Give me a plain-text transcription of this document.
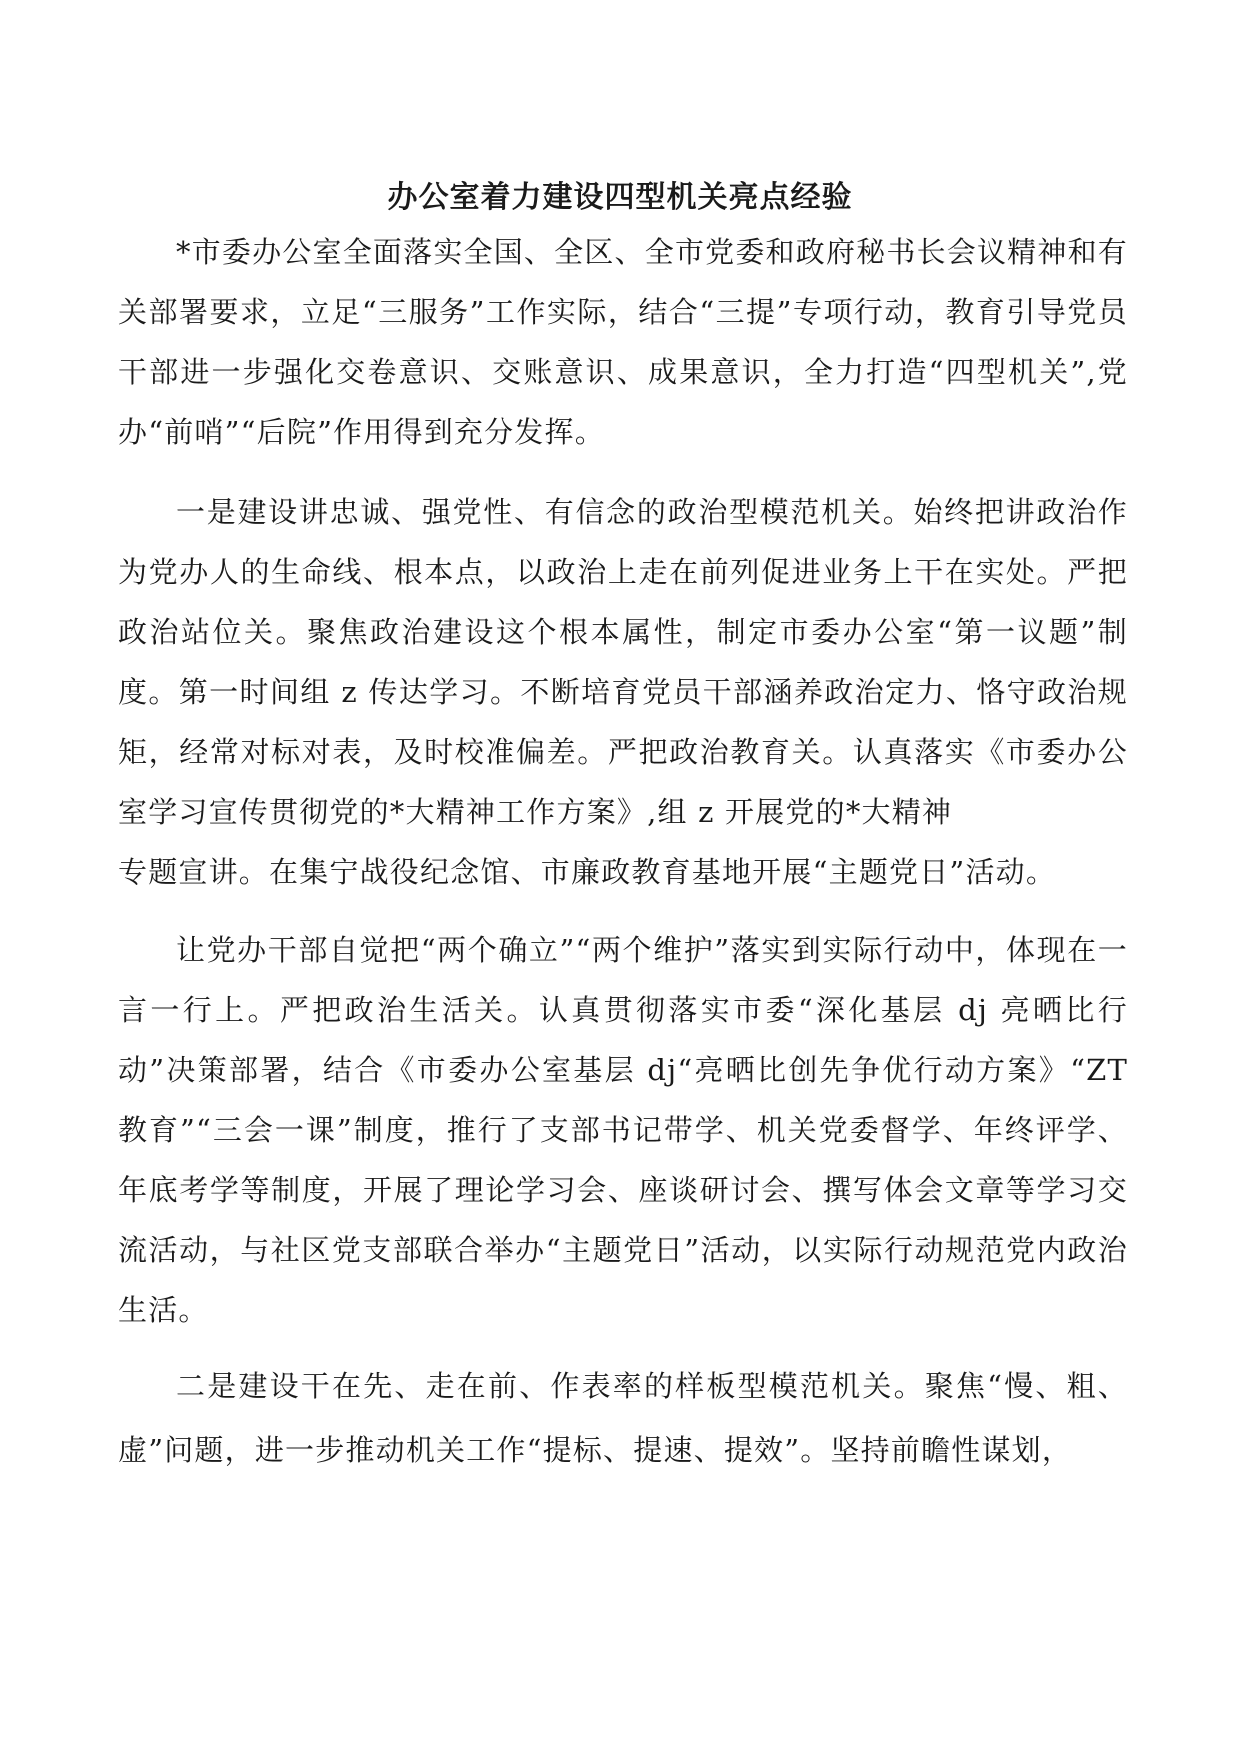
办公室着力建设四型机关亮点经验

*市委办公室全面落实全国、全区、全市党委和政府秘书长会议精神和有关部署要求，立足“三服务”工作实际，结合“三提”专项行动，教育引导党员干部进一步强化交卷意识、交账意识、成果意识，全力打造“四型机关”,党办“前哨”“后院”作用得到充分发挥。

一是建设讲忠诚、强党性、有信念的政治型模范机关。始终把讲政治作为党办人的生命线、根本点，以政治上走在前列促进业务上干在实处。严把政治站位关。聚焦政治建设这个根本属性，制定市委办公室“第一议题”制度。第一时间组 z 传达学习。不断培育党员干部涵养政治定力、恪守政治规矩，经常对标对表，及时校准偏差。严把政治教育关。认真落实《市委办公室学习宣传贯彻党的*大精神工作方案》,组 z 开展党的*大精神

专题宣讲。在集宁战役纪念馆、市廉政教育基地开展“主题党日”活动。

让党办干部自觉把“两个确立”“两个维护”落实到实际行动中，体现在一言一行上。严把政治生活关。认真贯彻落实市委“深化基层 dj 亮晒比行动”决策部署，结合《市委办公室基层 dj“亮晒比创先争优行动方案》“ZT 教育”“三会一课”制度，推行了支部书记带学、机关党委督学、年终评学、年底考学等制度，开展了理论学习会、座谈研讨会、撰写体会文章等学习交流活动，与社区党支部联合举办“主题党日”活动，以实际行动规范党内政治生活。

二是建设干在先、走在前、作表率的样板型模范机关。聚焦“慢、粗、虚”问题，进一步推动机关工作“提标、提速、提效”。坚持前瞻性谋划，
